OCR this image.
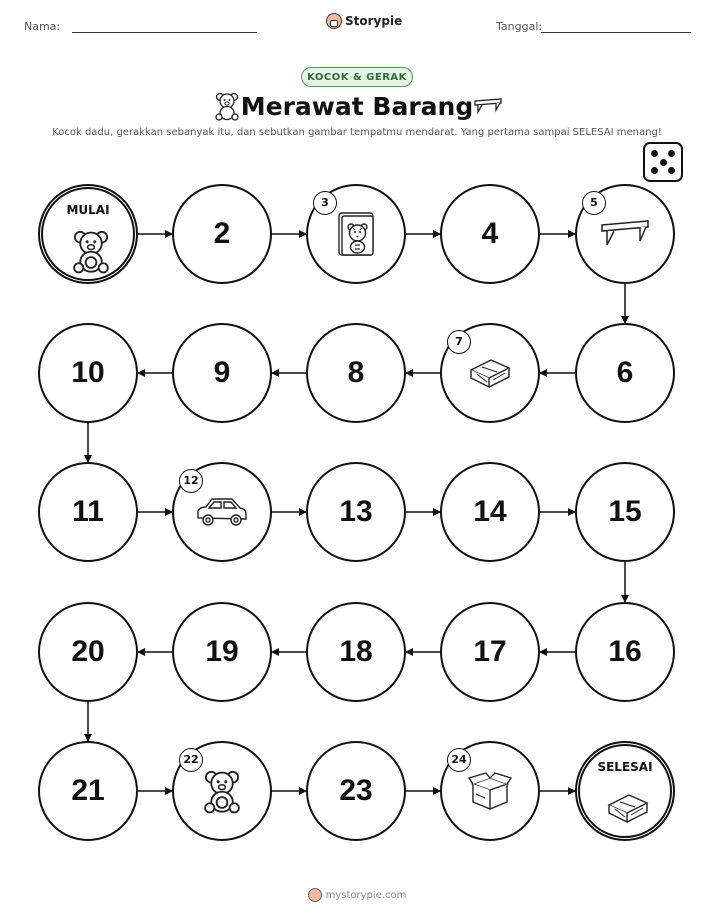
Nama:	Storypie	Tanggal:
KOCOK & GERAK
Merawat Barang
Kocok dadu, gerakkan sebanyak itu, dan sebutkan gambar tempatmu mendarat. Yang pertama sampai SELESAI menang!
MULAI
2
3
4
5
6
7
8
9
10
11
12
13	14	15
16
17
18
19
20
21
22
23
24
SELESAI
mystorypie.com
